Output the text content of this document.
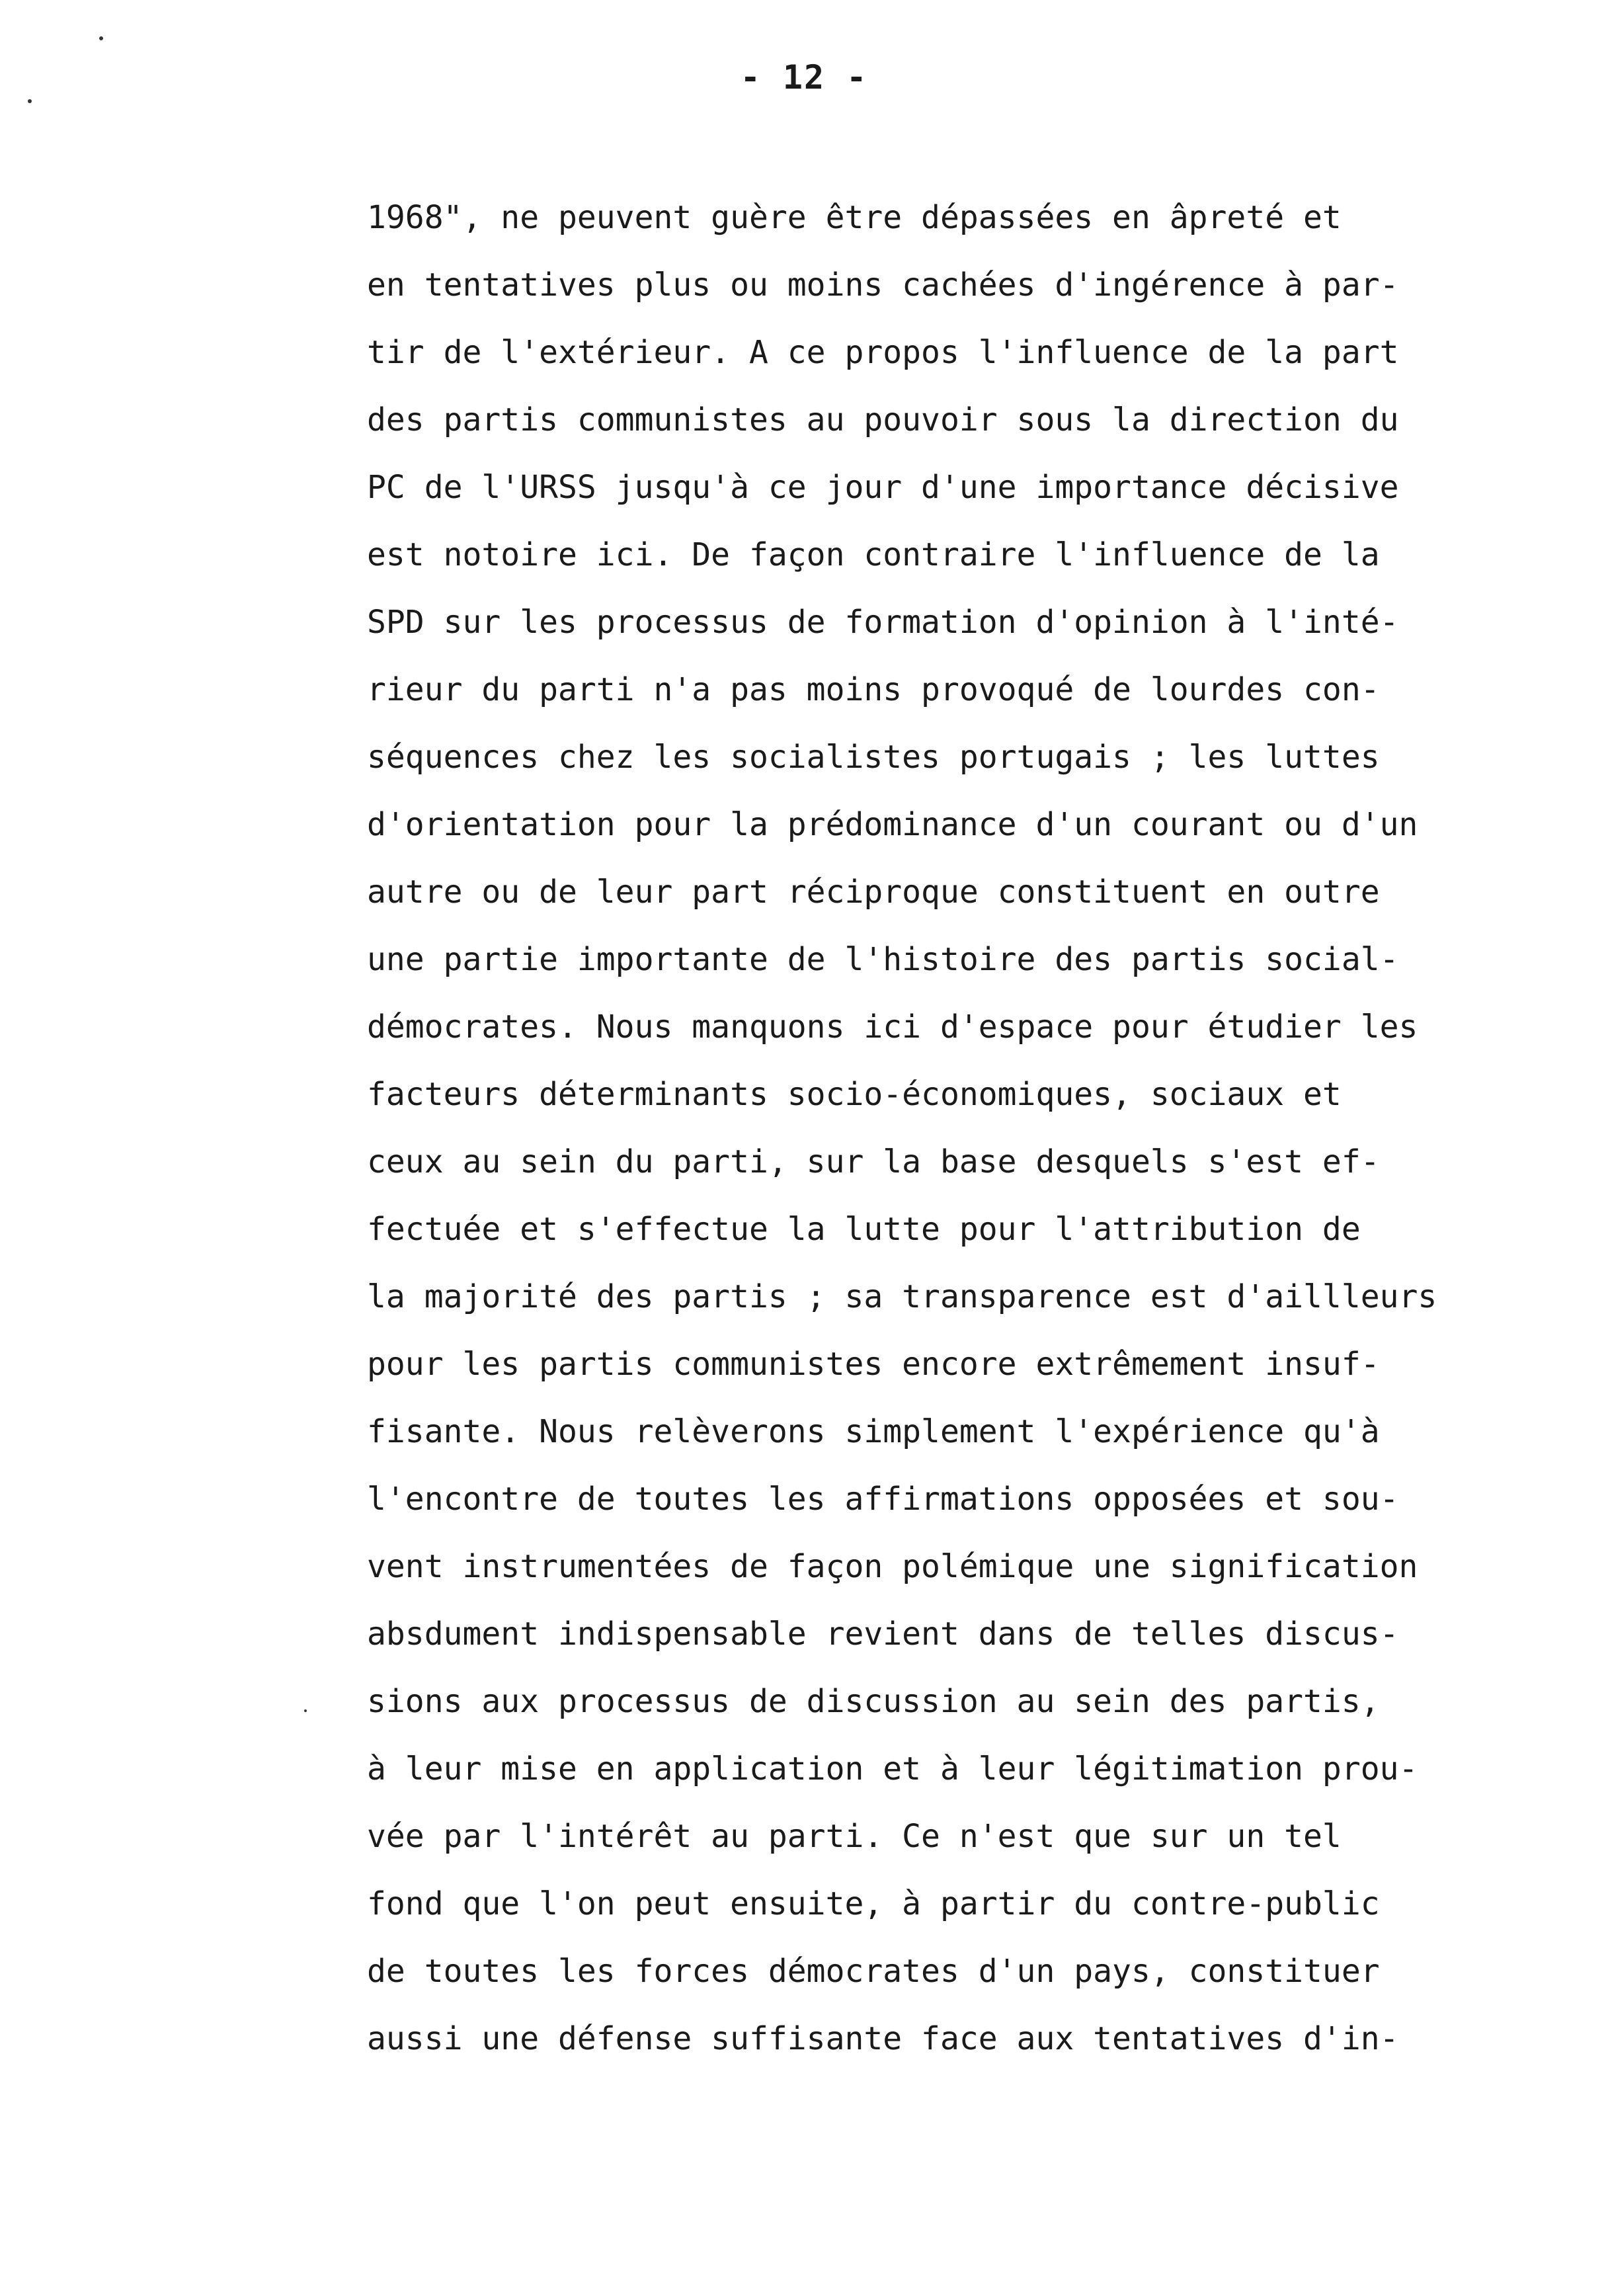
- 12 -
1968", ne peuvent guère être dépassées en âpreté et
en tentatives plus ou moins cachées d'ingérence à par-
tir de l'extérieur. A ce propos l'influence de la part
des partis communistes au pouvoir sous la direction du
PC de l'URSS jusqu'à ce jour d'une importance décisive
est notoire ici. De façon contraire l'influence de la
SPD sur les processus de formation d'opinion à l'inté-
rieur du parti n'a pas moins provoqué de lourdes con-
séquences chez les socialistes portugais ; les luttes
d'orientation pour la prédominance d'un courant ou d'un
autre ou de leur part réciproque constituent en outre
une partie importante de l'histoire des partis social-
démocrates. Nous manquons ici d'espace pour étudier les
facteurs déterminants socio-économiques, sociaux et
ceux au sein du parti, sur la base desquels s'est ef-
fectuée et s'effectue la lutte pour l'attribution de
la majorité des partis ; sa transparence est d'aillleurs
pour les partis communistes encore extrêmement insuf-
fisante. Nous relèverons simplement l'expérience qu'à
l'encontre de toutes les affirmations opposées et sou-
vent instrumentées de façon polémique une signification
absdument indispensable revient dans de telles discus-
sions aux processus de discussion au sein des partis,
à leur mise en application et à leur légitimation prou-
vée par l'intérêt au parti. Ce n'est que sur un tel
fond que l'on peut ensuite, à partir du contre-public
de toutes les forces démocrates d'un pays, constituer
aussi une défense suffisante face aux tentatives d'in-
